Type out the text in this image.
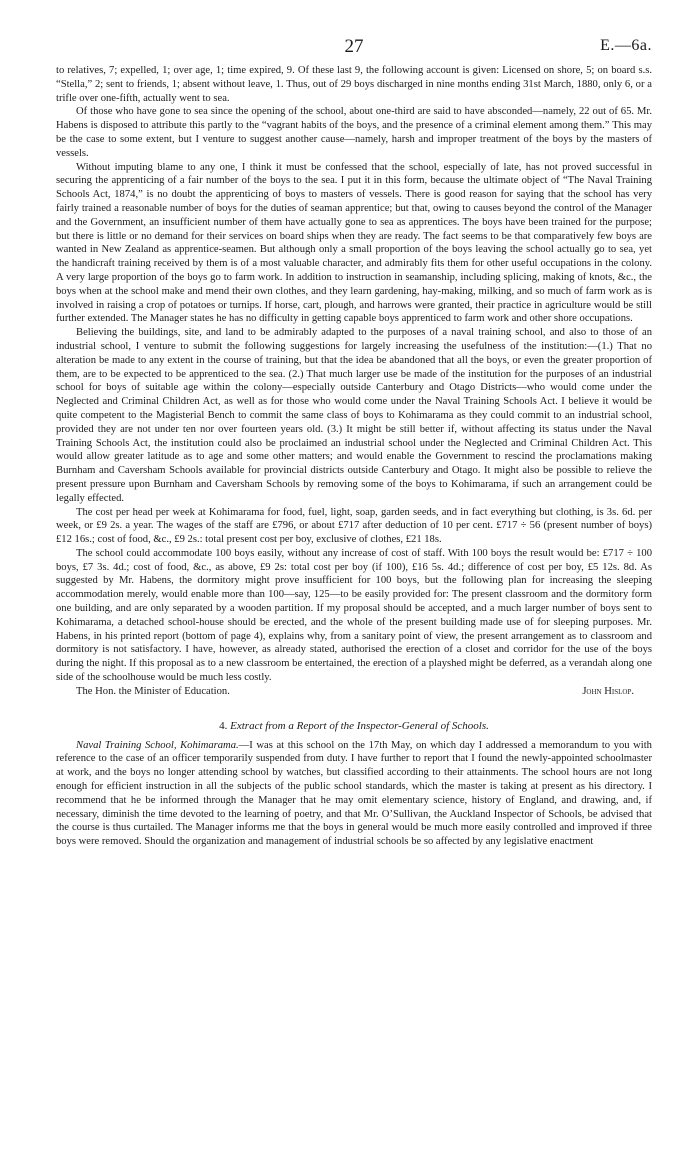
27	E.—6a.

to relatives, 7; expelled, 1; over age, 1; time expired, 9. Of these last 9, the following account is given: Licensed on shore, 5; on board s.s. “Stella,” 2; sent to friends, 1; absent without leave, 1. Thus, out of 29 boys discharged in nine months ending 31st March, 1880, only 6, or a trifle over one-fifth, actually went to sea.

Of those who have gone to sea since the opening of the school, about one-third are said to have absconded—namely, 22 out of 65. Mr. Habens is disposed to attribute this partly to the “vagrant habits of the boys, and the presence of a criminal element among them.” This may be the case to some extent, but I venture to suggest another cause—namely, harsh and improper treatment of the boys by the masters of vessels.

Without imputing blame to any one, I think it must be confessed that the school, especially of late, has not proved successful in securing the apprenticing of a fair number of the boys to the sea. I put it in this form, because the ultimate object of “The Naval Training Schools Act, 1874,” is no doubt the apprenticing of boys to masters of vessels. There is good reason for saying that the school has very fairly trained a reasonable number of boys for the duties of seaman apprentice; but that, owing to causes beyond the control of the Manager and the Government, an insufficient number of them have actually gone to sea as apprentices. The boys have been trained for the purpose; but there is little or no demand for their services on board ships when they are ready. The fact seems to be that comparatively few boys are wanted in New Zealand as apprentice-seamen. But although only a small proportion of the boys leaving the school actually go to sea, yet the handicraft training received by them is of a most valuable character, and admirably fits them for other useful occupations in the colony. A very large proportion of the boys go to farm work. In addition to instruction in seamanship, including splicing, making of knots, &c., the boys when at the school make and mend their own clothes, and they learn gardening, hay-making, milking, and so much of farm work as is involved in raising a crop of potatoes or turnips. If horse, cart, plough, and harrows were granted, their practice in agriculture would be still further extended. The Manager states he has no difficulty in getting capable boys apprenticed to farm work and other shore occupations.

Believing the buildings, site, and land to be admirably adapted to the purposes of a naval training school, and also to those of an industrial school, I venture to submit the following suggestions for largely increasing the usefulness of the institution:—(1.) That no alteration be made to any extent in the course of training, but that the idea be abandoned that all the boys, or even the greater proportion of them, are to be expected to be apprenticed to the sea. (2.) That much larger use be made of the institution for the purposes of an industrial school for boys of suitable age within the colony—especially outside Canterbury and Otago Districts—who would come under the Neglected and Criminal Children Act, as well as for those who would come under the Naval Training Schools Act. I believe it would be quite competent to the Magisterial Bench to commit the same class of boys to Kohimarama as they could commit to an industrial school, provided they are not under ten nor over fourteen years old. (3.) It might be still better if, without affecting its status under the Naval Training Schools Act, the institution could also be proclaimed an industrial school under the Neglected and Criminal Children Act. This would allow greater latitude as to age and some other matters; and would enable the Government to rescind the proclamations making Burnham and Caversham Schools available for provincial districts outside Canterbury and Otago. It might also be possible to relieve the present pressure upon Burnham and Caversham Schools by removing some of the boys to Kohimarama, if such an arrangement could be legally effected.

The cost per head per week at Kohimarama for food, fuel, light, soap, garden seeds, and in fact everything but clothing, is 3s. 6d. per week, or £9 2s. a year. The wages of the staff are £796, or about £717 after deduction of 10 per cent. £717 ÷ 56 (present number of boys) £12 16s.; cost of food, &c., £9 2s.: total present cost per boy, exclusive of clothes, £21 18s.

The school could accommodate 100 boys easily, without any increase of cost of staff. With 100 boys the result would be: £717 ÷ 100 boys, £7 3s. 4d.; cost of food, &c., as above, £9 2s: total cost per boy (if 100), £16 5s. 4d.; difference of cost per boy, £5 12s. 8d. As suggested by Mr. Habens, the dormitory might prove insufficient for 100 boys, but the following plan for increasing the sleeping accommodation merely, would enable more than 100—say, 125—to be easily provided for: The present classroom and the dormitory form one building, and are only separated by a wooden partition. If my proposal should be accepted, and a much larger number of boys sent to Kohimarama, a detached school-house should be erected, and the whole of the present building made use of for sleeping purposes. Mr. Habens, in his printed report (bottom of page 4), explains why, from a sanitary point of view, the present arrangement as to classroom and dormitory is not satisfactory. I have, however, as already stated, authorised the erection of a closet and corridor for the use of the boys during the night. If this proposal as to a new classroom be entertained, the erection of a playshed might be deferred, as a verandah along one side of the schoolhouse would be much less costly.

The Hon. the Minister of Education.	John Hislop.

4. Extract from a Report of the Inspector-General of Schools.

Naval Training School, Kohimarama.—I was at this school on the 17th May, on which day I addressed a memorandum to you with reference to the case of an officer temporarily suspended from duty. I have further to report that I found the newly-appointed schoolmaster at work, and the boys no longer attending school by watches, but classified according to their attainments. The school hours are not long enough for efficient instruction in all the subjects of the public school standards, which the master is taking at present as his directory. I recommend that he be informed through the Manager that he may omit elementary science, history of England, and drawing, and, if necessary, diminish the time devoted to the learning of poetry, and that Mr. O’Sullivan, the Auckland Inspector of Schools, be advised that the course is thus curtailed. The Manager informs me that the boys in general would be much more easily controlled and improved if three boys were removed. Should the organization and management of industrial schools be so affected by any legislative enactment
